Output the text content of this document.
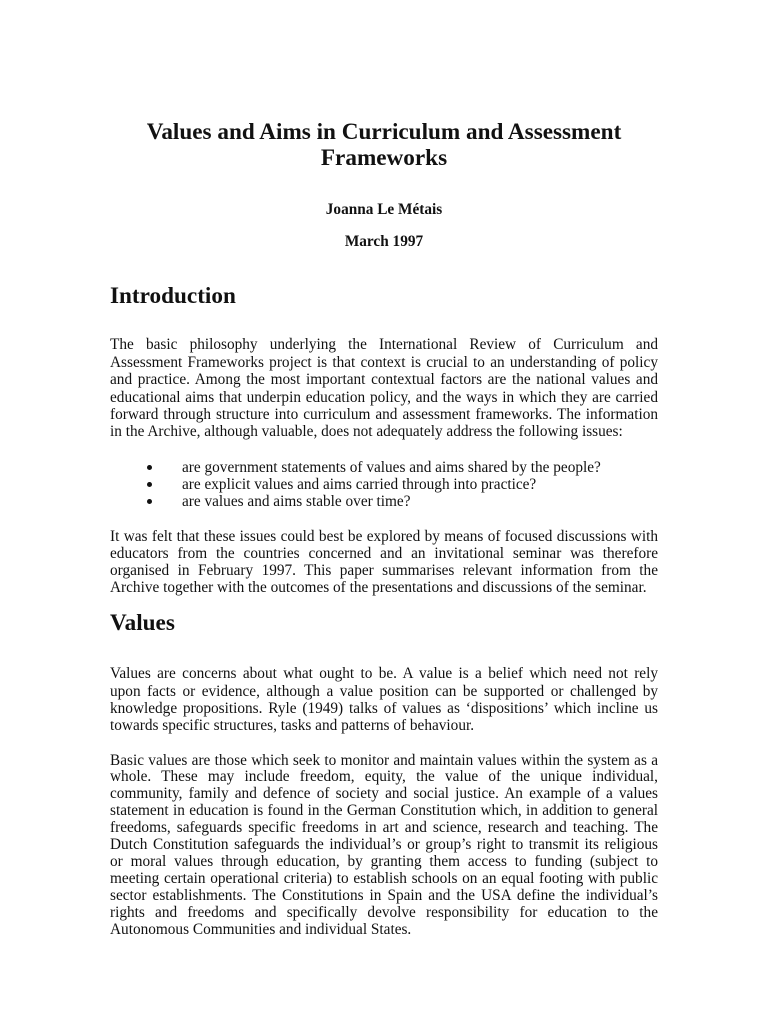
Values and Aims in Curriculum and Assessment
Frameworks
Joanna Le Métais
March 1997
Introduction
The basic philosophy underlying the International Review of Curriculum and
Assessment Frameworks project is that context is crucial to an understanding of policy
and practice. Among the most important contextual factors are the national values and
educational aims that underpin education policy, and the ways in which they are carried
forward through structure into curriculum and assessment frameworks. The information
in the Archive, although valuable, does not adequately address the following issues:
are government statements of values and aims shared by the people?
are explicit values and aims carried through into practice?
are values and aims stable over time?
It was felt that these issues could best be explored by means of focused discussions with
educators from the countries concerned and an invitational seminar was therefore
organised in February 1997. This paper summarises relevant information from the
Archive together with the outcomes of the presentations and discussions of the seminar.
Values
Values are concerns about what ought to be. A value is a belief which need not rely
upon facts or evidence, although a value position can be supported or challenged by
knowledge propositions. Ryle (1949) talks of values as ‘dispositions’ which incline us
towards specific structures, tasks and patterns of behaviour.
Basic values are those which seek to monitor and maintain values within the system as a
whole. These may include freedom, equity, the value of the unique individual,
community, family and defence of society and social justice. An example of a values
statement in education is found in the German Constitution which, in addition to general
freedoms, safeguards specific freedoms in art and science, research and teaching. The
Dutch Constitution safeguards the individual’s or group’s right to transmit its religious
or moral values through education, by granting them access to funding (subject to
meeting certain operational criteria) to establish schools on an equal footing with public
sector establishments. The Constitutions in Spain and the USA define the individual’s
rights and freedoms and specifically devolve responsibility for education to the
Autonomous Communities and individual States.
